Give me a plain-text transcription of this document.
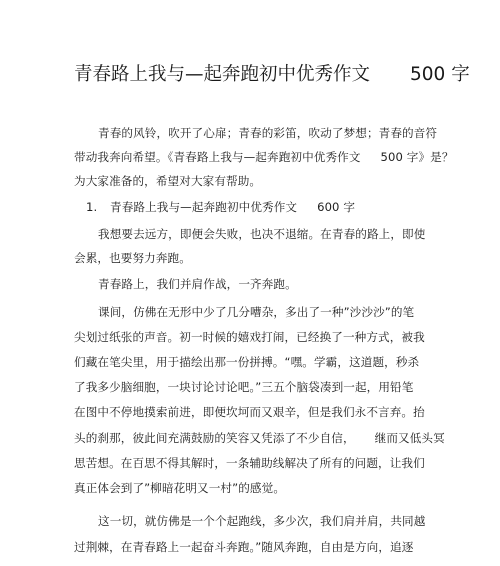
青春路上我与—起奔跑初中优秀作文 500 字
青春的风铃，吹开了心扉；青春的彩笛，吹动了梦想；青春的音符
带动我奔向希望。《青春路上我与—起奔跑初中优秀作文 500 字》是？
为大家准备的，希望对大家有帮助。
1. 青春路上我与—起奔跑初中优秀作文 600 字
我想要去远方，即便会失败，也决不退缩。在青春的路上，即使
会累，也要努力奔跑。
青春路上，我们并肩作战，一齐奔跑。
课间，仿佛在无形中少了几分嘈杂，多出了一种”沙沙沙”的笔
尖划过纸张的声音。初一时候的嬉戏打闹，已经换了一种方式，被我
们藏在笔尖里，用于描绘出那一份拼搏。“嘿。学霸，这道题，秒杀
了我多少脑细胞，一块讨论讨论吧。”三五个脑袋凑到一起，用铅笔
在图中不停地摸索前进，即便坎坷而又艰辛，但是我们永不言弃。抬
头的刹那，彼此间充满鼓励的笑容又凭添了不少自信， 继而又低头冥
思苦想。在百思不得其解时，一条辅助线解决了所有的问题，让我们
真正体会到了”柳暗花明又一村”的感觉。
这一切，就仿佛是一个个起跑线，多少次，我们肩并肩，共同越
过荆棘，在青春路上一起奋斗奔跑。”随风奔跑，自由是方向，追逐
